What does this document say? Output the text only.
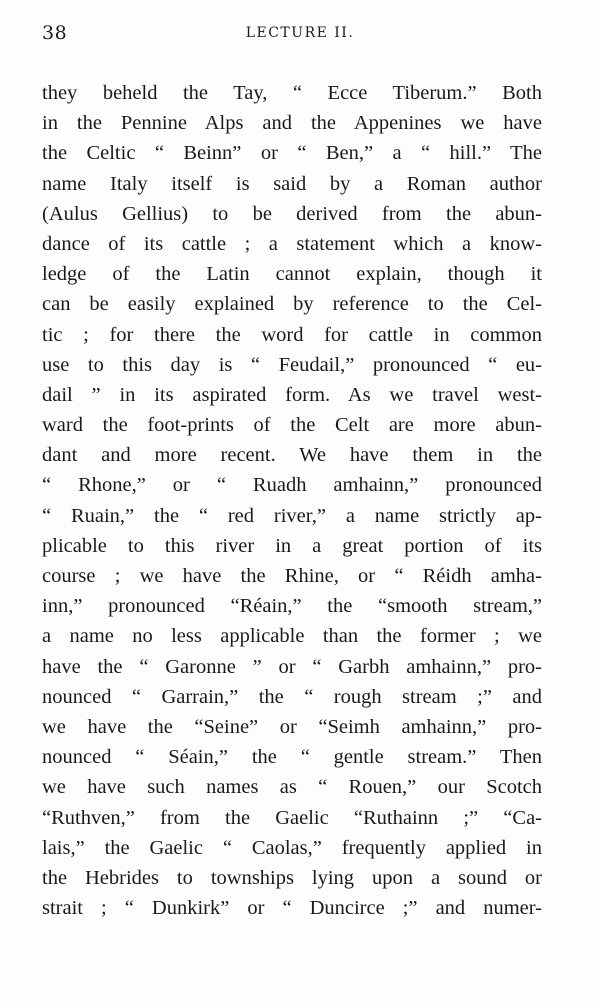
38	LECTURE II.
they beheld the Tay, “ Ecce Tiberum.” Both
in the Pennine Alps and the Appenines we have
the Celtic “ Beinn” or “ Ben,” a “ hill.” The
name Italy itself is said by a Roman author
(Aulus Gellius) to be derived from the abun-
dance of its cattle ; a statement which a know-
ledge of the Latin cannot explain, though it
can be easily explained by reference to the Cel-
tic ; for there the word for cattle in common
use to this day is “ Feudail,” pronounced “ eu-
dail ” in its aspirated form. As we travel west-
ward the foot-prints of the Celt are more abun-
dant and more recent. We have them in the
“ Rhone,” or “ Ruadh amhainn,” pronounced
“ Ruain,” the “ red river,” a name strictly ap-
plicable to this river in a great portion of its
course ; we have the Rhine, or “ Réidh amha-
inn,” pronounced “Réain,” the “smooth stream,”
a name no less applicable than the former ; we
have the “ Garonne ” or “ Garbh amhainn,” pro-
nounced “ Garrain,” the “ rough stream ;” and
we have the “Seine” or “Seimh amhainn,” pro-
nounced “ Séain,” the “ gentle stream.” Then
we have such names as “ Rouen,” our Scotch
“Ruthven,” from the Gaelic “Ruthainn ;” “Ca-
lais,” the Gaelic “ Caolas,” frequently applied in
the Hebrides to townships lying upon a sound or
strait ; “ Dunkirk” or “ Duncirce ;” and numer-
